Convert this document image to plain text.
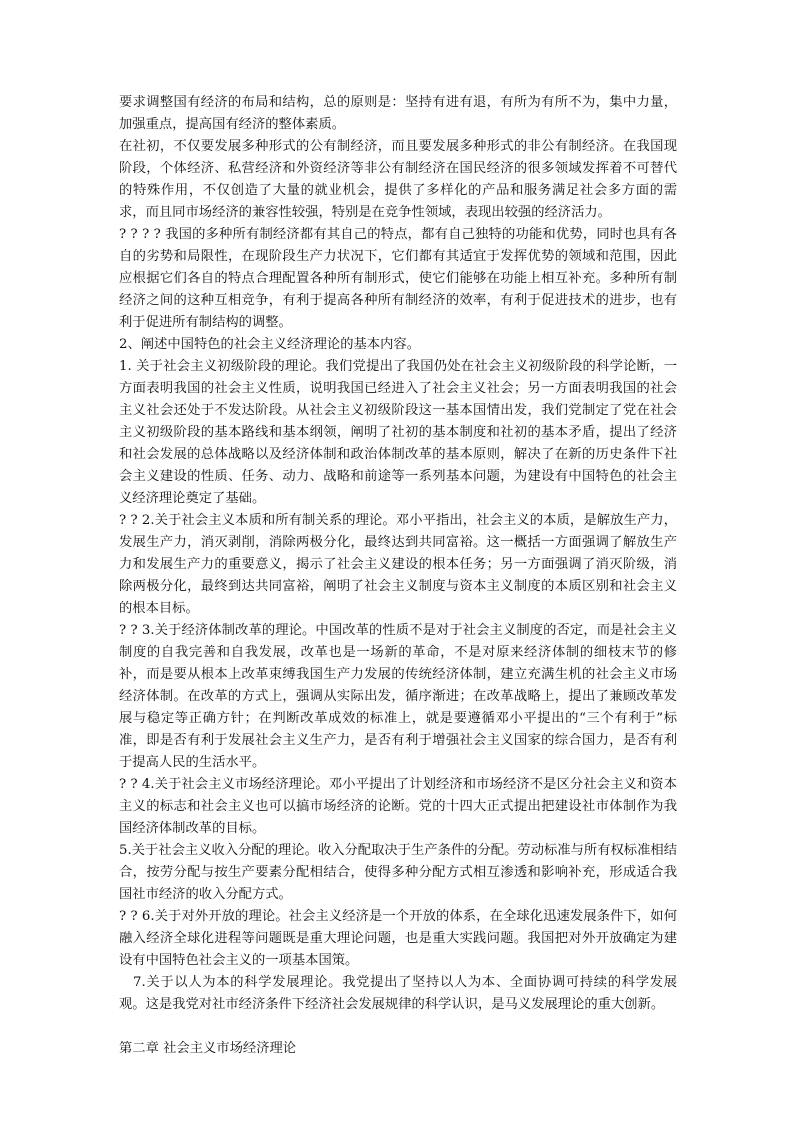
要求调整国有经济的布局和结构，总的原则是：坚持有进有退，有所为有所不为，集中力量，加强重点，提高国有经济的整体素质。

在社初，不仅要发展多种形式的公有制经济，而且要发展多种形式的非公有制经济。在我国现阶段，个体经济、私营经济和外资经济等非公有制经济在国民经济的很多领域发挥着不可替代的特殊作用，不仅创造了大量的就业机会，提供了多样化的产品和服务满足社会多方面的需求，而且同市场经济的兼容性较强，特别是在竞争性领域，表现出较强的经济活力。

? ? ? ? 我国的多种所有制经济都有其自己的特点，都有自己独特的功能和优势，同时也具有各自的劣势和局限性，在现阶段生产力状况下，它们都有其适宜于发挥优势的领域和范围，因此应根据它们各自的特点合理配置各种所有制形式，使它们能够在功能上相互补充。多种所有制经济之间的这种互相竞争，有利于提高各种所有制经济的效率，有利于促进技术的进步，也有利于促进所有制结构的调整。

2、阐述中国特色的社会主义经济理论的基本内容。

1. 关于社会主义初级阶段的理论。我们党提出了我国仍处在社会主义初级阶段的科学论断，一方面表明我国的社会主义性质，说明我国已经进入了社会主义社会；另一方面表明我国的社会主义社会还处于不发达阶段。从社会主义初级阶段这一基本国情出发，我们党制定了党在社会主义初级阶段的基本路线和基本纲领，阐明了社初的基本制度和社初的基本矛盾，提出了经济和社会发展的总体战略以及经济体制和政治体制改革的基本原则，解决了在新的历史条件下社会主义建设的性质、任务、动力、战略和前途等一系列基本问题，为建设有中国特色的社会主义经济理论奠定了基础。

? ? 2.关于社会主义本质和所有制关系的理论。邓小平指出，社会主义的本质，是解放生产力，发展生产力，消灭剥削，消除两极分化，最终达到共同富裕。这一概括一方面强调了解放生产力和发展生产力的重要意义，揭示了社会主义建设的根本任务；另一方面强调了消灭阶级，消除两极分化，最终到达共同富裕，阐明了社会主义制度与资本主义制度的本质区别和社会主义的根本目标。

? ? 3.关于经济体制改革的理论。中国改革的性质不是对于社会主义制度的否定，而是社会主义制度的自我完善和自我发展，改革也是一场新的革命，不是对原来经济体制的细枝末节的修补，而是要从根本上改革束缚我国生产力发展的传统经济体制，建立充满生机的社会主义市场经济体制。在改革的方式上，强调从实际出发，循序渐进；在改革战略上，提出了兼顾改革发展与稳定等正确方针；在判断改革成效的标准上，就是要遵循邓小平提出的“三个有利于”标准，即是否有利于发展社会主义生产力，是否有利于增强社会主义国家的综合国力，是否有利于提高人民的生活水平。

? ? 4.关于社会主义市场经济理论。邓小平提出了计划经济和市场经济不是区分社会主义和资本主义的标志和社会主义也可以搞市场经济的论断。党的十四大正式提出把建设社市体制作为我国经济体制改革的目标。

5.关于社会主义收入分配的理论。收入分配取决于生产条件的分配。劳动标准与所有权标准相结合，按劳分配与按生产要素分配相结合，使得多种分配方式相互渗透和影响补充，形成适合我国社市经济的收入分配方式。

? ? 6.关于对外开放的理论。社会主义经济是一个开放的体系，在全球化迅速发展条件下，如何融入经济全球化进程等问题既是重大理论问题，也是重大实践问题。我国把对外开放确定为建设有中国特色社会主义的一项基本国策。

7.关于以人为本的科学发展理论。我党提出了坚持以人为本、全面协调可持续的科学发展观。这是我党对社市经济条件下经济社会发展规律的科学认识，是马义发展理论的重大创新。

第二章 社会主义市场经济理论
